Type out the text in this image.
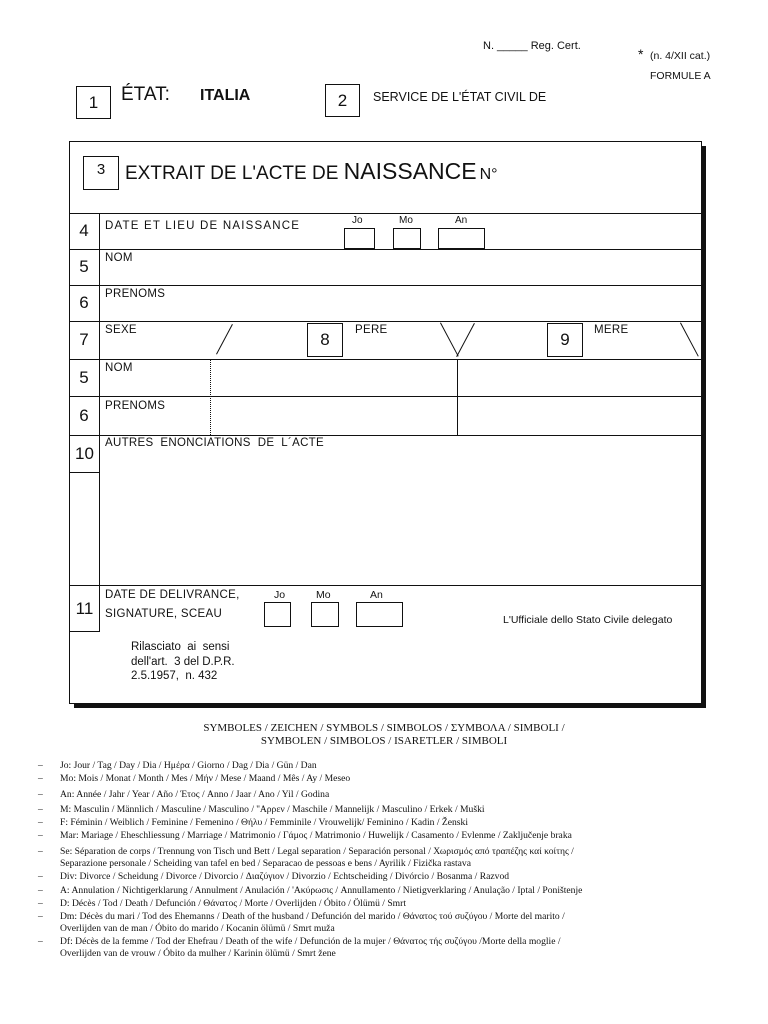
N. _____ Reg. Cert.	* (n. 4/XII cat.)
FORMULE A
1	ÉTAT: ITALIA	2	SERVICE DE L'ÉTAT CIVIL DE
3	EXTRAIT DE L'ACTE DE NAISSANCE N°
4	DATE ET LIEU DE NAISSANCE	Jo	Mo	An
5	NOM
6	PRENOMS
7	SEXE	8	PERE	9	MERE
5	NOM
6	PRENOMS
10
AUTRES  ENONCIATIONS  DE  L´ACTE
11
DATE DE DELIVRANCE,
SIGNATURE, SCEAU
Jo	Mo	An
L'Ufficiale dello Stato Civile delegato
Rilasciato  ai  sensi
dell'art.  3 del D.P.R.
2.5.1957,  n. 432
SYMBOLES / ZEICHEN / SYMBOLS / SIMBOLOS / ΣΥΜΒΟΛΑ / SIMBOLI /
SYMBOLEN / SIMBOLOS / ISARETLER / SIMBOLI
– Jo: Jour / Tag / Day / Dia / Ημέρα / Giorno / Dag / Dia / Gün / Dan
– Mo: Mois / Monat / Month / Mes / Μήν / Mese / Maand / Mês / Ay / Meseo
– An: Année / Jahr / Year / Año / Έτος / Anno / Jaar / Ano / Yil / Godina
– M: Masculin / Männlich / Masculine / Masculino / ''Αρρεν / Maschile / Mannelijk / Masculino / Erkek / Muški
– F: Féminin / Weiblich / Feminine / Femenino / Θήλυ / Femminile / Vrouwelijk/ Feminino / Kadin / Ženski
– Mar: Mariage / Eheschliessung / Marriage / Matrimonio / Γάμος / Matrimonio / Huwelijk / Casamento / Evlenme / Zaključenje braka
– Se: Séparation de corps / Trennung von Tisch und Bett / Legal separation / Separación personal / Χωρισμός από τραπέζης καί κοίτης /
Separazione personale / Scheiding van tafel en bed / Separacao de pessoas e bens / Ayrilik / Fizička rastava
– Div: Divorce / Scheidung / Divorce / Divorcio / Διαζύγιον / Divorzio / Echtscheiding / Divórcio / Bosanma / Razvod
– A: Annulation / Nichtigerklarung / Annulment / Anulación / 'Ακύρωσις / Annullamento / Nietigverklaring / Anulação / Iptal / Poništenje
– D: Décès / Tod / Death / Defunción / Θάνατος / Morte / Overlijden / Óbito / Ölümü / Smrt
– Dm: Décès du mari / Tod des Ehemanns / Death of the husband / Defunción del marido / Θάνατος τού συζύγου / Morte del marito /
Overlijden van de man / Óbito do marido / Kocanin ölümü / Smrt muža
– Df: Décès de la femme / Tod der Ehefrau / Death of the wife / Defunción de la mujer / Θάνατος τής συζύγου /Morte della moglie /
Overlijden van de vrouw / Óbito da mulher / Karinin ölümü / Smrt žene
